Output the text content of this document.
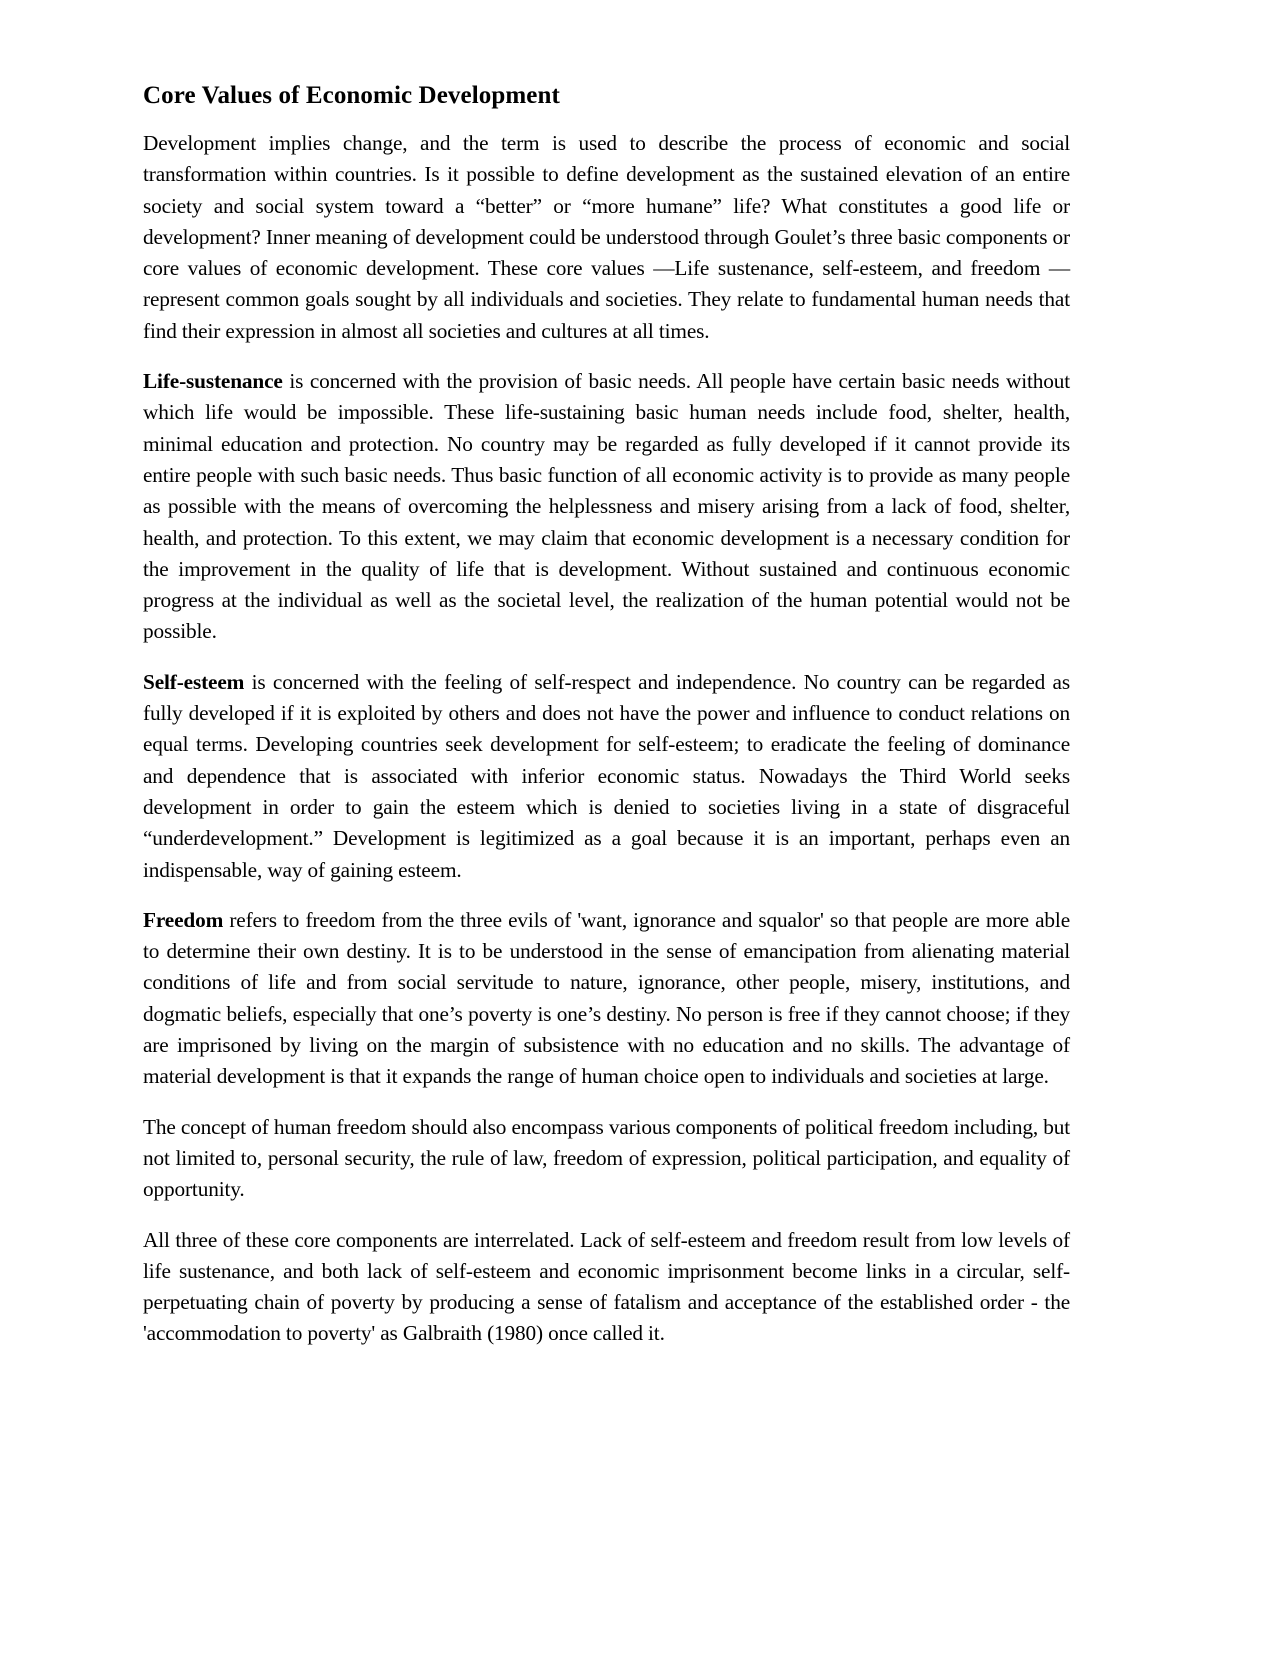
Core Values of Economic Development

Development implies change, and the term is used to describe the process of economic and social transformation within countries. Is it possible to define development as the sustained elevation of an entire society and social system toward a “better” or “more humane” life? What constitutes a good life or development? Inner meaning of development could be understood through Goulet’s three basic components or core values of economic development. These core values —Life sustenance, self-esteem, and freedom —represent common goals sought by all individuals and societies. They relate to fundamental human needs that find their expression in almost all societies and cultures at all times.

Life-sustenance is concerned with the provision of basic needs. All people have certain basic needs without which life would be impossible. These life-sustaining basic human needs include food, shelter, health, minimal education and protection. No country may be regarded as fully developed if it cannot provide its entire people with such basic needs. Thus basic function of all economic activity is to provide as many people as possible with the means of overcoming the helplessness and misery arising from a lack of food, shelter, health, and protection. To this extent, we may claim that economic development is a necessary condition for the improvement in the quality of life that is development. Without sustained and continuous economic progress at the individual as well as the societal level, the realization of the human potential would not be possible.

Self-esteem is concerned with the feeling of self-respect and independence. No country can be regarded as fully developed if it is exploited by others and does not have the power and influence to conduct relations on equal terms. Developing countries seek development for self-esteem; to eradicate the feeling of dominance and dependence that is associated with inferior economic status. Nowadays the Third World seeks development in order to gain the esteem which is denied to societies living in a state of disgraceful “underdevelopment.” Development is legitimized as a goal because it is an important, perhaps even an indispensable, way of gaining esteem.

Freedom refers to freedom from the three evils of 'want, ignorance and squalor' so that people are more able to determine their own destiny. It is to be understood in the sense of emancipation from alienating material conditions of life and from social servitude to nature, ignorance, other people, misery, institutions, and dogmatic beliefs, especially that one’s poverty is one’s destiny. No person is free if they cannot choose; if they are imprisoned by living on the margin of subsistence with no education and no skills. The advantage of material development is that it expands the range of human choice open to individuals and societies at large.

The concept of human freedom should also encompass various components of political freedom including, but not limited to, personal security, the rule of law, freedom of expression, political participation, and equality of opportunity.

All three of these core components are interrelated. Lack of self-esteem and freedom result from low levels of life sustenance, and both lack of self-esteem and economic imprisonment become links in a circular, self-perpetuating chain of poverty by producing a sense of fatalism and acceptance of the established order - the 'accommodation to poverty' as Galbraith (1980) once called it.
